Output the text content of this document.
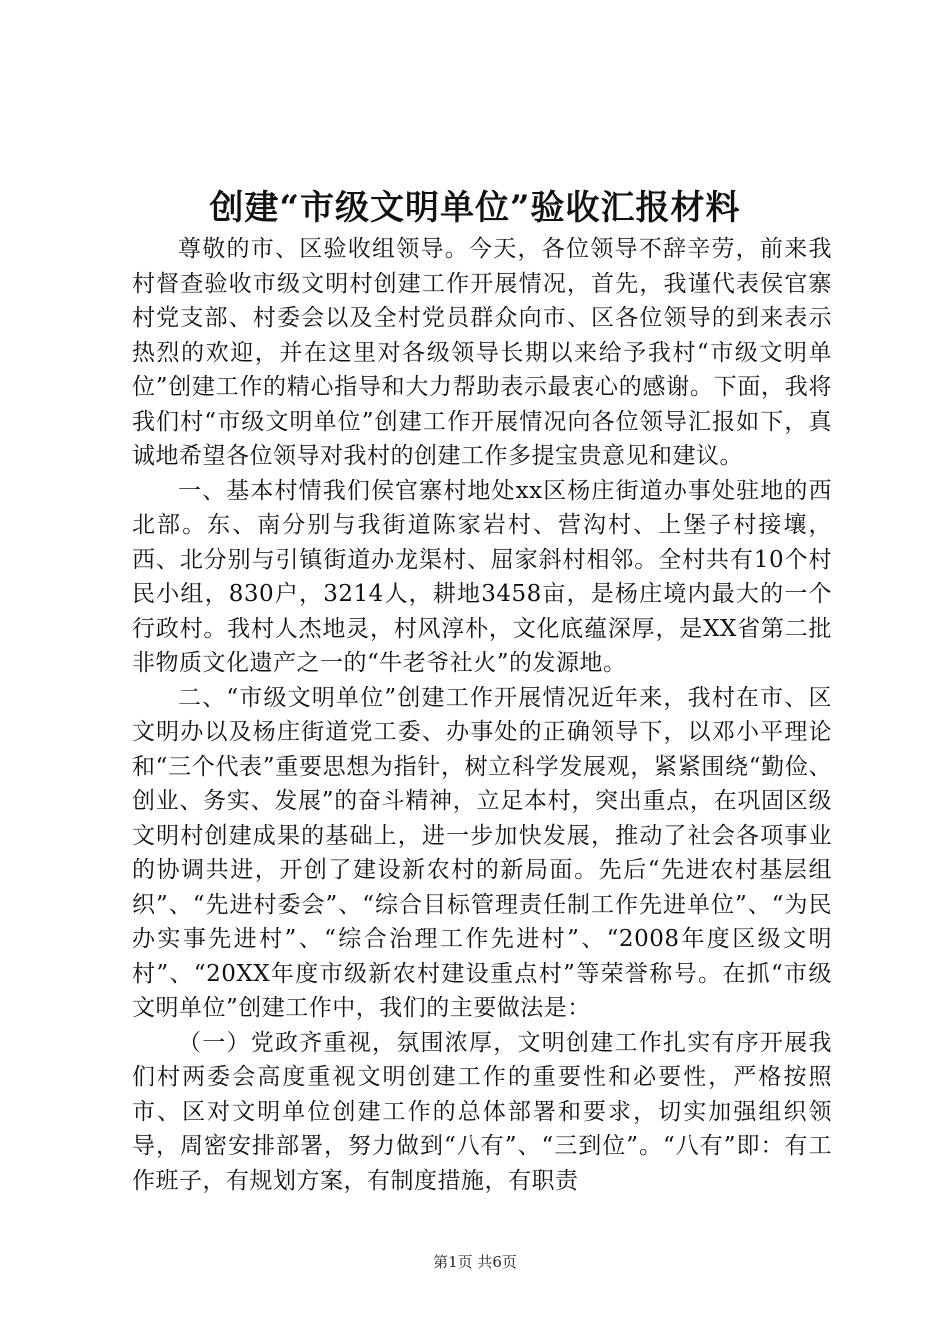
创建“市级文明单位”验收汇报材料

尊敬的市、区验收组领导。今天，各位领导不辞辛劳，前来我村督查验收市级文明村创建工作开展情况，首先，我谨代表侯官寨村党支部、村委会以及全村党员群众向市、区各位领导的到来表示热烈的欢迎，并在这里对各级领导长期以来给予我村“市级文明单位”创建工作的精心指导和大力帮助表示最衷心的感谢。下面，我将我们村“市级文明单位”创建工作开展情况向各位领导汇报如下，真诚地希望各位领导对我村的创建工作多提宝贵意见和建议。

一、基本村情我们侯官寨村地处xx区杨庄街道办事处驻地的西北部。东、南分别与我街道陈家岩村、营沟村、上堡子村接壤，西、北分别与引镇街道办龙渠村、屈家斜村相邻。全村共有10个村民小组，830户，3214人，耕地3458亩，是杨庄境内最大的一个行政村。我村人杰地灵，村风淳朴，文化底蕴深厚，是XX省第二批非物质文化遗产之一的“牛老爷社火”的发源地。

二、“市级文明单位”创建工作开展情况近年来，我村在市、区文明办以及杨庄街道党工委、办事处的正确领导下，以邓小平理论和“三个代表”重要思想为指针，树立科学发展观，紧紧围绕“勤俭、创业、务实、发展”的奋斗精神，立足本村，突出重点，在巩固区级文明村创建成果的基础上，进一步加快发展，推动了社会各项事业的协调共进，开创了建设新农村的新局面。先后“先进农村基层组织”、“先进村委会”、“综合目标管理责任制工作先进单位”、“为民办实事先进村”、“综合治理工作先进村”、“2008年度区级文明村”、“20XX年度市级新农村建设重点村”等荣誉称号。在抓“市级文明单位”创建工作中，我们的主要做法是：

（一）党政齐重视，氛围浓厚，文明创建工作扎实有序开展我们村两委会高度重视文明创建工作的重要性和必要性，严格按照市、区对文明单位创建工作的总体部署和要求，切实加强组织领导，周密安排部署，努力做到“八有”、“三到位”。“八有”即：有工作班子，有规划方案，有制度措施，有职责

第1页 共6页
